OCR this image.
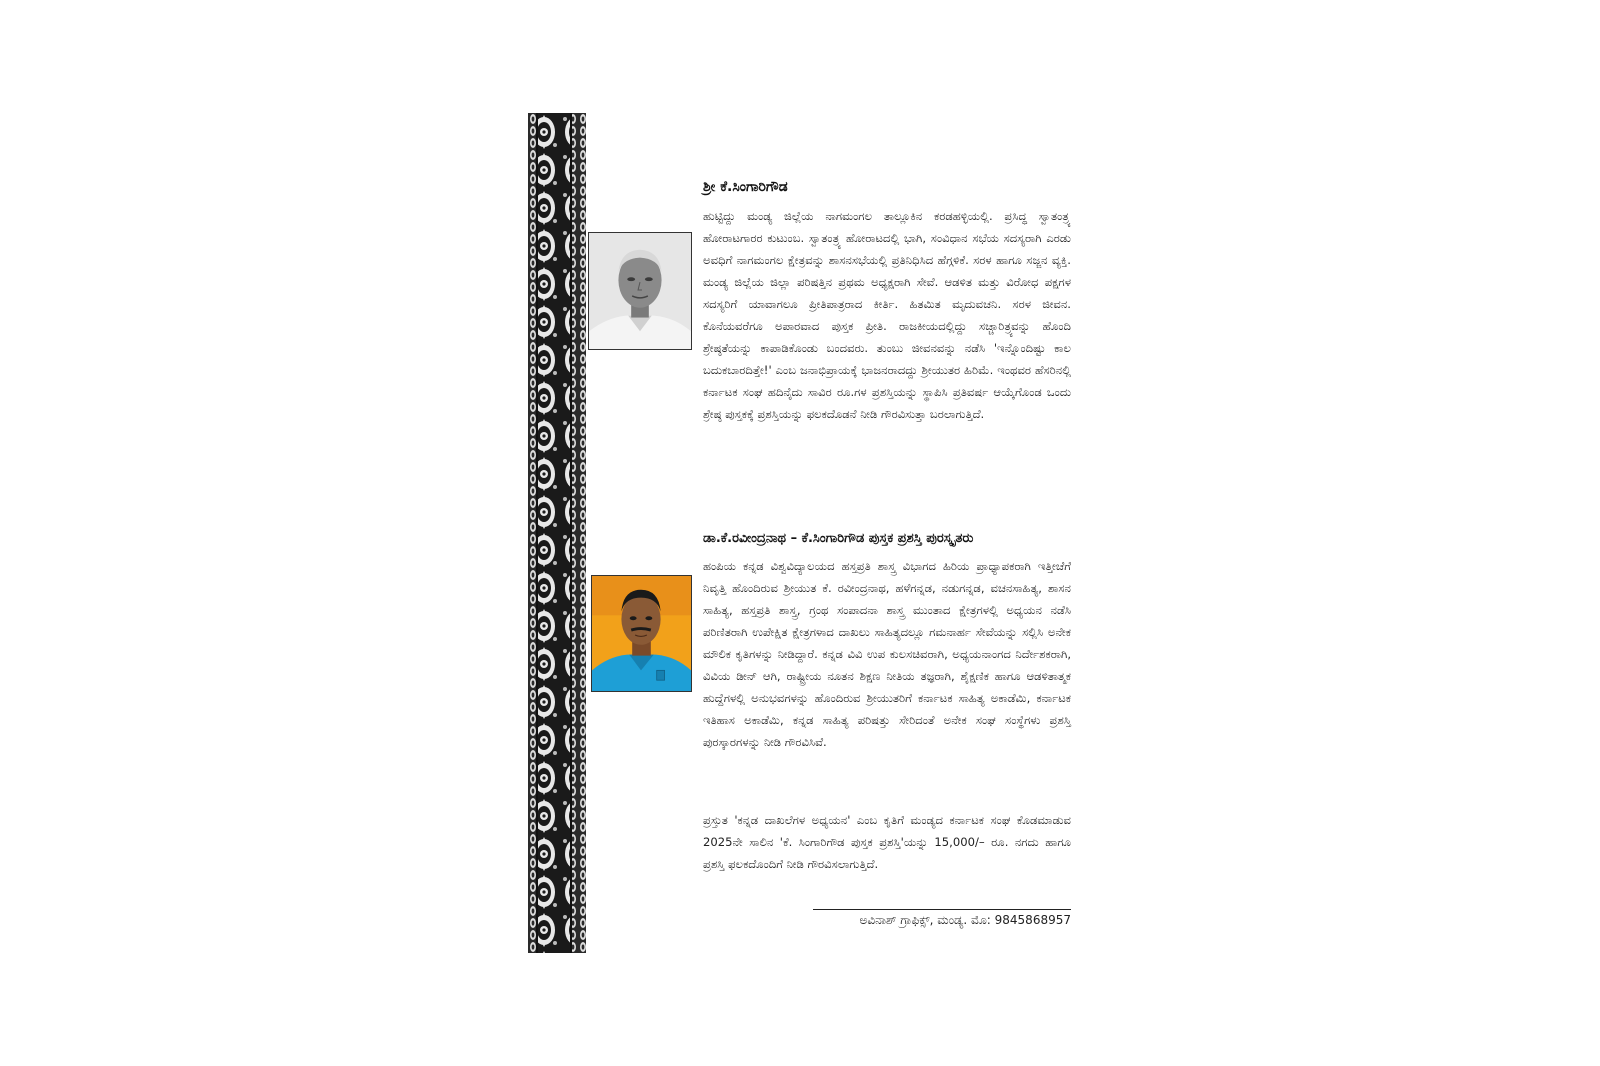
ಶ್ರೀ ಕೆ.ಸಿಂಗಾರಿಗೌಡ

ಹುಟ್ಟಿದ್ದು ಮಂಡ್ಯ ಜಿಲ್ಲೆಯ ನಾಗಮಂಗಲ ತಾಲ್ಲೂಕಿನ ಕರಡಹಳ್ಳಿಯಲ್ಲಿ. ಪ್ರಸಿದ್ಧ ಸ್ವಾತಂತ್ರ್ಯ ಹೋರಾಟಗಾರರ ಕುಟುಂಬ. ಸ್ವಾತಂತ್ರ್ಯ ಹೋರಾಟದಲ್ಲಿ ಭಾಗಿ, ಸಂವಿಧಾನ ಸಭೆಯ ಸದಸ್ಯರಾಗಿ ಎರಡು ಅವಧಿಗೆ ನಾಗಮಂಗಲ ಕ್ಷೇತ್ರವನ್ನು ಶಾಸನಸಭೆಯಲ್ಲಿ ಪ್ರತಿನಿಧಿಸಿದ ಹೆಗ್ಗಳಿಕೆ. ಸರಳ ಹಾಗೂ ಸಜ್ಜನ ವ್ಯಕ್ತಿ. ಮಂಡ್ಯ ಜಿಲ್ಲೆಯ ಜಿಲ್ಲಾ ಪರಿಷತ್ತಿನ ಪ್ರಥಮ ಅಧ್ಯಕ್ಷರಾಗಿ ಸೇವೆ. ಆಡಳಿತ ಮತ್ತು ವಿರೋಧ ಪಕ್ಷಗಳ ಸದಸ್ಯರಿಗೆ ಯಾವಾಗಲೂ ಪ್ರೀತಿಪಾತ್ರರಾದ ಕೀರ್ತಿ. ಹಿತಮಿತ ಮೃದುವಚನಿ. ಸರಳ ಜೀವನ. ಕೊನೆಯವರೆಗೂ ಅಪಾರವಾದ ಪುಸ್ತಕ ಪ್ರೀತಿ. ರಾಜಕೀಯದಲ್ಲಿದ್ದು ಸಚ್ಚಾರಿತ್ರ್ಯವನ್ನು ಹೊಂದಿ ಶ್ರೇಷ್ಠತೆಯನ್ನು ಕಾಪಾಡಿಕೊಂಡು ಬಂದವರು. ತುಂಬು ಜೀವನವನ್ನು ನಡೆಸಿ 'ಇನ್ನೊಂದಿಷ್ಟು ಕಾಲ ಬದುಕಬಾರದಿತ್ತೇ!' ಎಂಬ ಜನಾಭಿಪ್ರಾಯಕ್ಕೆ ಭಾಜನರಾದದ್ದು ಶ್ರೀಯುತರ ಹಿರಿಮೆ. ಇಂಥವರ ಹೆಸರಿನಲ್ಲಿ ಕರ್ನಾಟಕ ಸಂಘ ಹದಿನೈದು ಸಾವಿರ ರೂ.ಗಳ ಪ್ರಶಸ್ತಿಯನ್ನು ಸ್ಥಾಪಿಸಿ ಪ್ರತಿವರ್ಷ ಆಯ್ಕೆಗೊಂಡ ಒಂದು ಶ್ರೇಷ್ಠ ಪುಸ್ತಕಕ್ಕೆ ಪ್ರಶಸ್ತಿಯನ್ನು ಫಲಕದೊಡನೆ ನೀಡಿ ಗೌರವಿಸುತ್ತಾ ಬರಲಾಗುತ್ತಿದೆ.

ಡಾ.ಕೆ.ರವೀಂದ್ರನಾಥ – ಕೆ.ಸಿಂಗಾರಿಗೌಡ ಪುಸ್ತಕ ಪ್ರಶಸ್ತಿ ಪುರಸ್ಕೃತರು

ಹಂಪಿಯ ಕನ್ನಡ ವಿಶ್ವವಿದ್ಯಾಲಯದ ಹಸ್ತಪ್ರತಿ ಶಾಸ್ತ್ರ ವಿಭಾಗದ ಹಿರಿಯ ಪ್ರಾಧ್ಯಾಪಕರಾಗಿ ಇತ್ತೀಚೆಗೆ ನಿವೃತ್ತಿ ಹೊಂದಿರುವ ಶ್ರೀಯುತ ಕೆ. ರವೀಂದ್ರನಾಥ, ಹಳೆಗನ್ನಡ, ನಡುಗನ್ನಡ, ವಚನಸಾಹಿತ್ಯ, ಶಾಸನ ಸಾಹಿತ್ಯ, ಹಸ್ತಪ್ರತಿ ಶಾಸ್ತ್ರ, ಗ್ರಂಥ ಸಂಪಾದನಾ ಶಾಸ್ತ್ರ ಮುಂತಾದ ಕ್ಷೇತ್ರಗಳಲ್ಲಿ ಅಧ್ಯಯನ ನಡೆಸಿ ಪರಿಣಿತರಾಗಿ ಉಪೇಕ್ಷಿತ ಕ್ಷೇತ್ರಗಳಾದ ದಾಖಲು ಸಾಹಿತ್ಯದಲ್ಲೂ ಗಮನಾರ್ಹ ಸೇವೆಯನ್ನು ಸಲ್ಲಿಸಿ ಅನೇಕ ಮೌಲಿಕ ಕೃತಿಗಳನ್ನು ನೀಡಿದ್ದಾರೆ. ಕನ್ನಡ ವಿವಿ ಉಪ ಕುಲಸಚಿವರಾಗಿ, ಅಧ್ಯಯನಾಂಗದ ನಿರ್ದೇಶಕರಾಗಿ, ವಿವಿಯ ಡೀನ್ ಆಗಿ, ರಾಷ್ಟ್ರೀಯ ನೂತನ ಶಿಕ್ಷಣ ನೀತಿಯ ತಜ್ಞರಾಗಿ, ಶೈಕ್ಷಣಿಕ ಹಾಗೂ ಆಡಳಿತಾತ್ಮಕ ಹುದ್ದೆಗಳಲ್ಲಿ ಅನುಭವಗಳನ್ನು ಹೊಂದಿರುವ ಶ್ರೀಯುತರಿಗೆ ಕರ್ನಾಟಕ ಸಾಹಿತ್ಯ ಅಕಾಡೆಮಿ, ಕರ್ನಾಟಕ ಇತಿಹಾಸ ಅಕಾಡೆಮಿ, ಕನ್ನಡ ಸಾಹಿತ್ಯ ಪರಿಷತ್ತು ಸೇರಿದಂತೆ ಅನೇಕ ಸಂಘ ಸಂಸ್ಥೆಗಳು ಪ್ರಶಸ್ತಿ ಪುರಸ್ಕಾರಗಳನ್ನು ನೀಡಿ ಗೌರವಿಸಿವೆ.

ಪ್ರಸ್ತುತ 'ಕನ್ನಡ ದಾಖಲೆಗಳ ಅಧ್ಯಯನ' ಎಂಬ ಕೃತಿಗೆ ಮಂಡ್ಯದ ಕರ್ನಾಟಕ ಸಂಘ ಕೊಡಮಾಡುವ 2025ನೇ ಸಾಲಿನ 'ಕೆ. ಸಿಂಗಾರಿಗೌಡ ಪುಸ್ತಕ ಪ್ರಶಸ್ತಿ'ಯನ್ನು 15,000/– ರೂ. ನಗದು ಹಾಗೂ ಪ್ರಶಸ್ತಿ ಫಲಕದೊಂದಿಗೆ ನೀಡಿ ಗೌರವಿಸಲಾಗುತ್ತಿದೆ.

ಅವಿನಾಶ್ ಗ್ರಾಫಿಕ್ಸ್, ಮಂಡ್ಯ. ಮೊ: 9845868957
